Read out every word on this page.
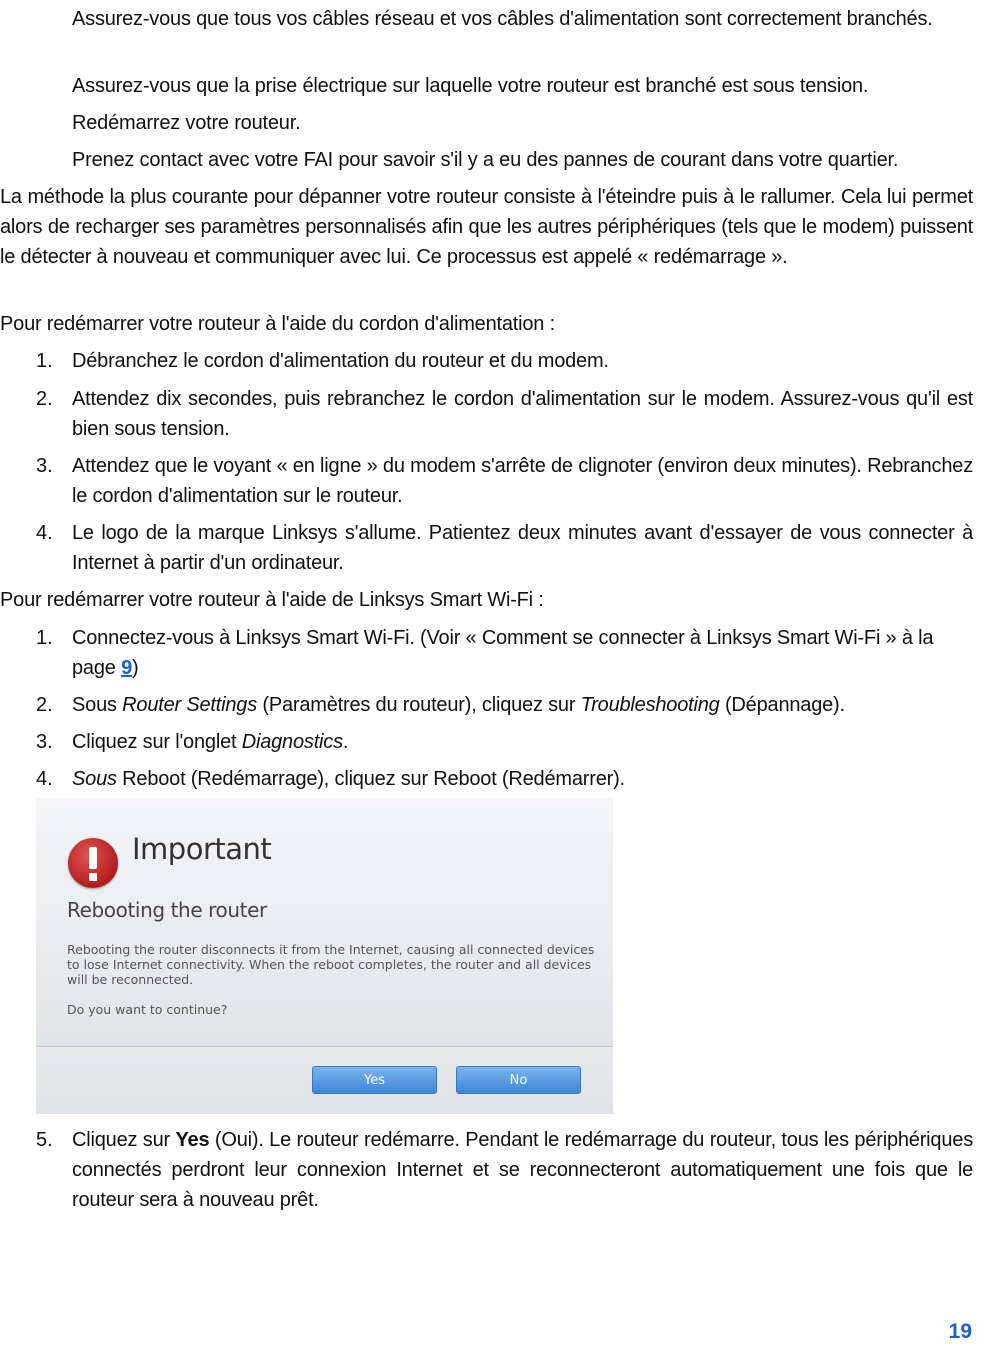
Assurez-vous que tous vos câbles réseau et vos câbles d'alimentation sont correctement branchés.

Assurez-vous que la prise électrique sur laquelle votre routeur est branché est sous tension.

Redémarrez votre routeur.

Prenez contact avec votre FAI pour savoir s'il y a eu des pannes de courant dans votre quartier.

La méthode la plus courante pour dépanner votre routeur consiste à l'éteindre puis à le rallumer. Cela lui permet alors de recharger ses paramètres personnalisés afin que les autres périphériques (tels que le modem) puissent le détecter à nouveau et communiquer avec lui. Ce processus est appelé « redémarrage ».

Pour redémarrer votre routeur à l'aide du cordon d'alimentation :

1. Débranchez le cordon d'alimentation du routeur et du modem.

2. Attendez dix secondes, puis rebranchez le cordon d'alimentation sur le modem. Assurez-vous qu'il est bien sous tension.

3. Attendez que le voyant « en ligne » du modem s'arrête de clignoter (environ deux minutes). Rebranchez le cordon d'alimentation sur le routeur.

4. Le logo de la marque Linksys s'allume. Patientez deux minutes avant d'essayer de vous connecter à Internet à partir d'un ordinateur.

Pour redémarrer votre routeur à l'aide de Linksys Smart Wi-Fi :

1. Connectez-vous à Linksys Smart Wi-Fi. (Voir « Comment se connecter à Linksys Smart Wi-Fi » à la page 9)

2. Sous Router Settings (Paramètres du routeur), cliquez sur Troubleshooting (Dépannage).

3. Cliquez sur l'onglet Diagnostics.

4. Sous Reboot (Redémarrage), cliquez sur Reboot (Redémarrer).

Important

Rebooting the router

Rebooting the router disconnects it from the Internet, causing all connected devices to lose Internet connectivity. When the reboot completes, the router and all devices will be reconnected.

Do you want to continue?

Yes	No
5. Cliquez sur Yes (Oui). Le routeur redémarre. Pendant le redémarrage du routeur, tous les périphériques connectés perdront leur connexion Internet et se reconnecteront automatiquement une fois que le routeur sera à nouveau prêt.

19
